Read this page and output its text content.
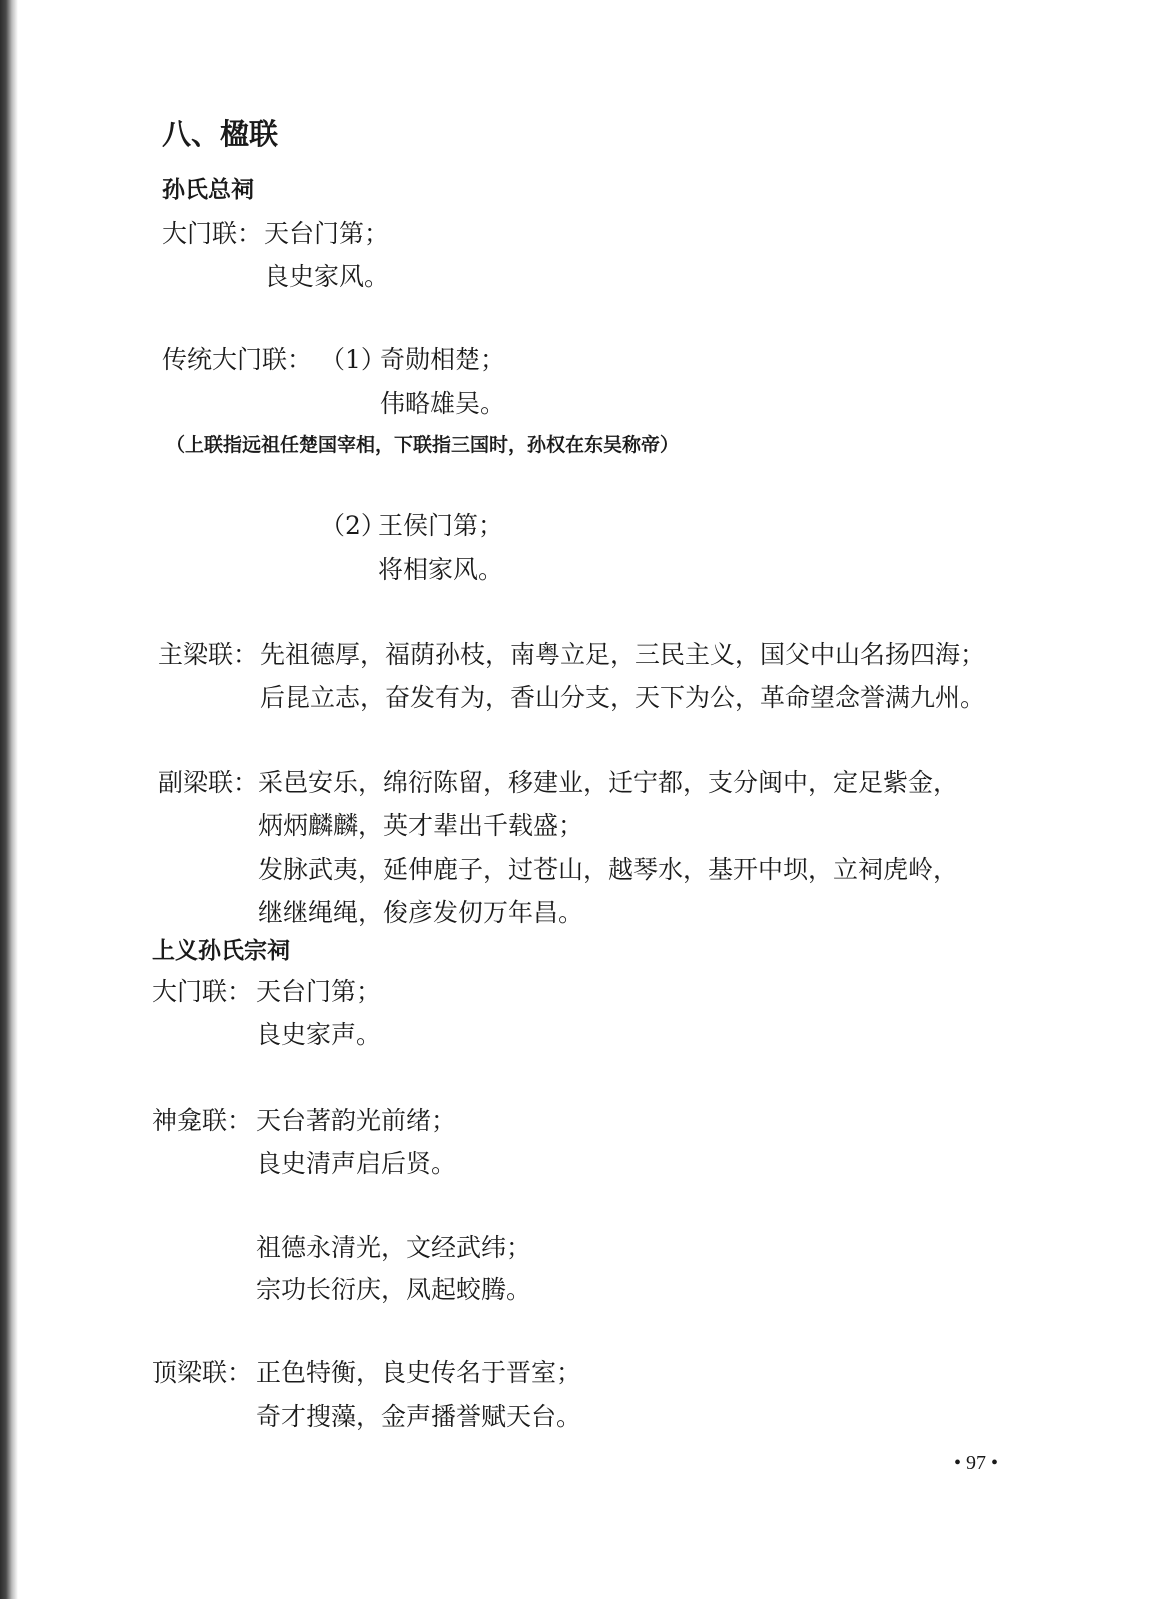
八、楹联
孙氏总祠
大门联： 天台门第；
良史家风。
传统大门联： （1）
奇勋相楚；
伟略雄吴。
（上联指远祖任楚国宰相，下联指三国时，孙权在东吴称帝）
（2）
王侯门第；
将相家风。
主梁联： 先祖德厚，福荫孙枝，南粤立足，三民主义，国父中山名扬四海；
后昆立志，奋发有为，香山分支，天下为公，革命望念誉满九州。
副梁联： 采邑安乐，绵衍陈留，移建业，迁宁都，支分闽中，定足紫金，
炳炳麟麟，英才辈出千载盛；
发脉武夷，延伸鹿子，过苍山，越琴水，基开中坝，立祠虎岭，
继继绳绳，俊彦发仞万年昌。
上义孙氏宗祠
大门联： 天台门第；
良史家声。
神龛联： 天台著韵光前绪；
良史清声启后贤。
祖德永清光，文经武纬；
宗功长衍庆，凤起蛟腾。
顶梁联： 正色特衡，良史传名于晋室；
奇才搜藻，金声播誉赋天台。
• 97 •
